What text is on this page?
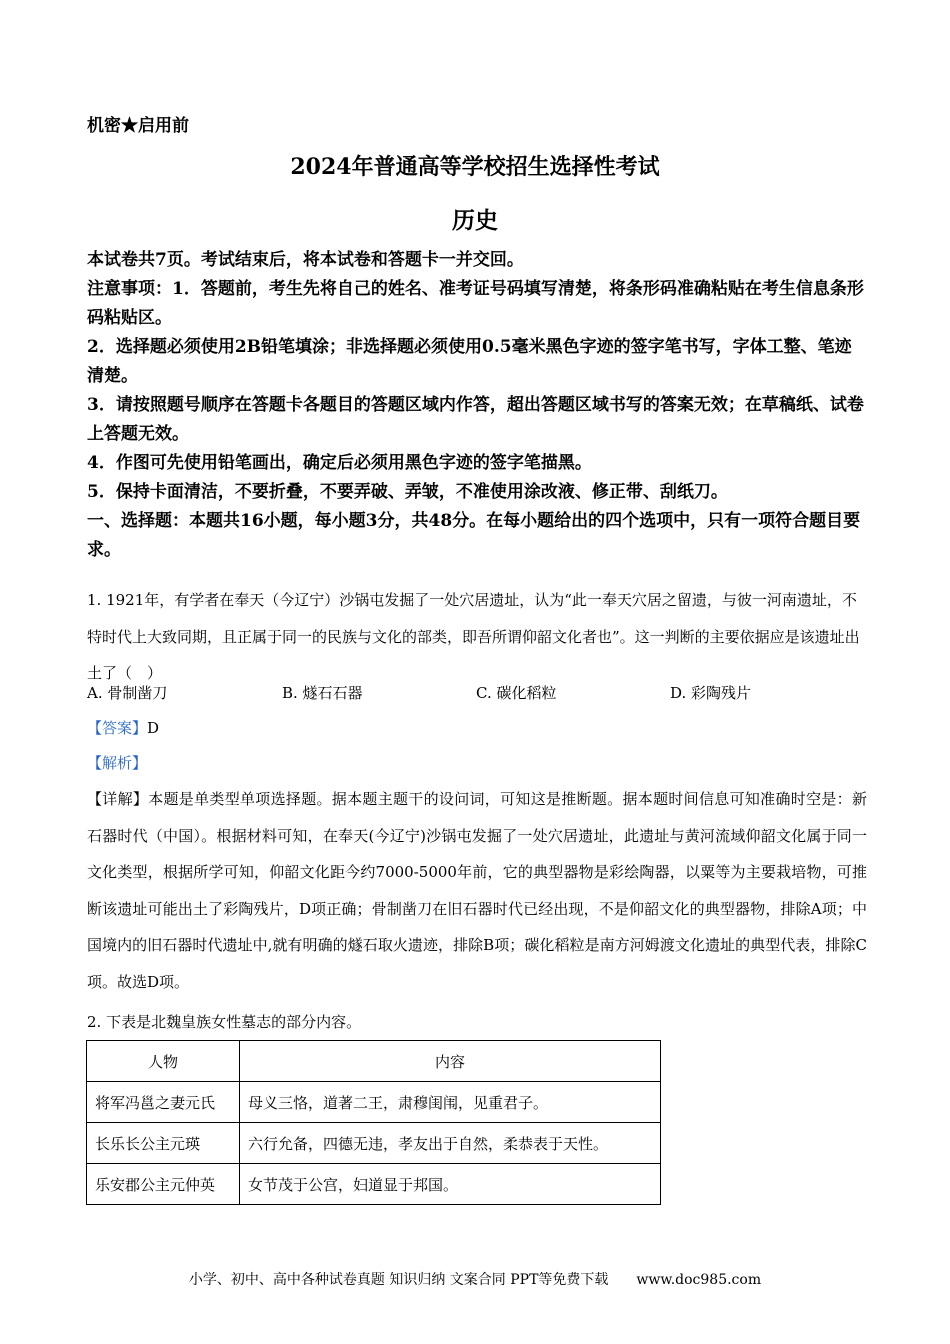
机密★启用前
2024年普通高等学校招生选择性考试
历史

本试卷共7页。考试结束后，将本试卷和答题卡一并交回。

注意事项：1．答题前，考生先将自己的姓名、准考证号码填写清楚，将条形码准确粘贴在考生信息条形码粘贴区。

2．选择题必须使用2B铅笔填涂；非选择题必须使用0.5毫米黑色字迹的签字笔书写，字体工整、笔迹清楚。

3．请按照题号顺序在答题卡各题目的答题区域内作答，超出答题区域书写的答案无效；在草稿纸、试卷上答题无效。

4．作图可先使用铅笔画出，确定后必须用黑色字迹的签字笔描黑。

5．保持卡面清洁，不要折叠，不要弄破、弄皱，不准使用涂改液、修正带、刮纸刀。

一、选择题：本题共16小题，每小题3分，共48分。在每小题给出的四个选项中，只有一项符合题目要求。

1. 1921年，有学者在奉天（今辽宁）沙锅屯发掘了一处穴居遗址，认为“此一奉天穴居之留遗，与彼一河南遗址，不特时代上大致同期，且正属于同一的民族与文化的部类，即吾所谓仰韶文化者也”。这一判断的主要依据应是该遗址出土了（　）

A. 骨制凿刀	B. 燧石石器	C. 碳化稻粒	D. 彩陶残片
【答案】D
【解析】

【详解】本题是单类型单项选择题。据本题主题干的设问词，可知这是推断题。据本题时间信息可知准确时空是：新石器时代（中国）。根据材料可知，在奉天(今辽宁)沙锅屯发掘了一处穴居遗址，此遗址与黄河流域仰韶文化属于同一文化类型，根据所学可知，仰韶文化距今约7000-5000年前，它的典型器物是彩绘陶器，以粟等为主要栽培物，可推断该遗址可能出土了彩陶残片，D项正确；骨制凿刀在旧石器时代已经出现，不是仰韶文化的典型器物，排除A项；中国境内的旧石器时代遗址中,就有明确的燧石取火遗迹，排除B项；碳化稻粒是南方河姆渡文化遗址的典型代表，排除C项。故选D项。

2. 下表是北魏皇族女性墓志的部分内容。
人物	内容
将军冯邕之妻元氏	母义三恪，道著二王，肃穆闺闱，见重君子。
长乐长公主元瑛	六行允备，四德无违，孝友出于自然，柔恭表于天性。
乐安郡公主元仲英	女节茂于公宫，妇道显于邦国。
小学、初中、高中各种试卷真题 知识归纳 文案合同 PPT等免费下载　　www.doc985.com
